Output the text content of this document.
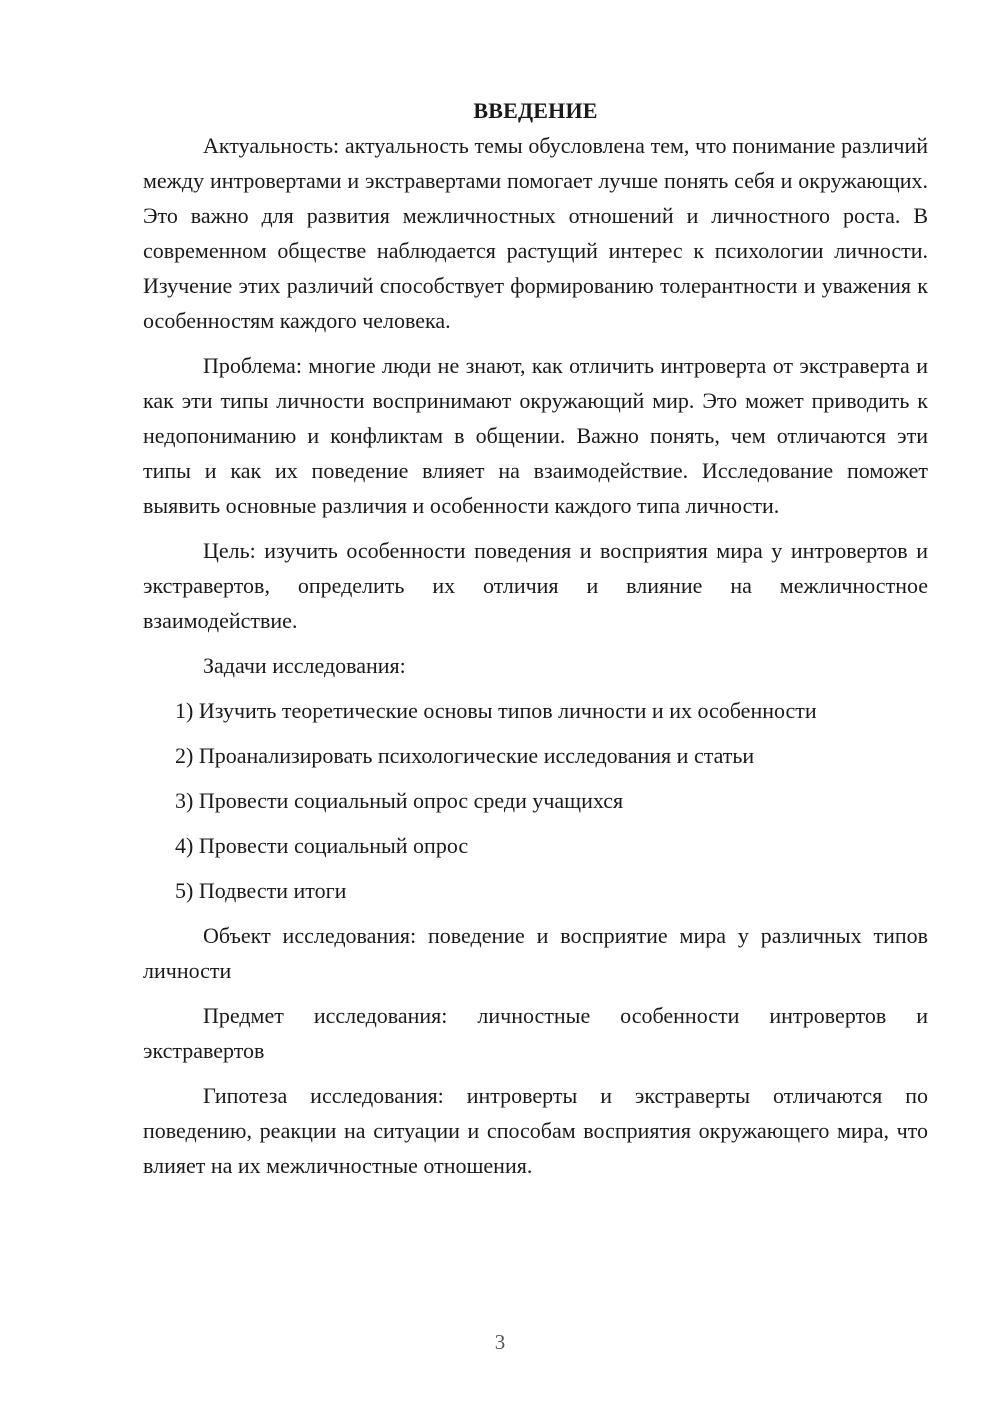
ВВЕДЕНИЕ

Актуальность: актуальность темы обусловлена тем, что понимание различий между интровертами и экстравертами помогает лучше понять себя и окружающих. Это важно для развития межличностных отношений и личностного роста. В современном обществе наблюдается растущий интерес к психологии личности. Изучение этих различий способствует формированию толерантности и уважения к особенностям каждого человека.

Проблема: многие люди не знают, как отличить интроверта от экстраверта и как эти типы личности воспринимают окружающий мир. Это может приводить к недопониманию и конфликтам в общении. Важно понять, чем отличаются эти типы и как их поведение влияет на взаимодействие. Исследование поможет выявить основные различия и особенности каждого типа личности.

Цель: изучить особенности поведения и восприятия мира у интровертов и экстравертов, определить их отличия и влияние на межличностное взаимодействие.

Задачи исследования:
1) Изучить теоретические основы типов личности и их особенности
2) Проанализировать психологические исследования и статьи
3) Провести социальный опрос среди учащихся
4) Провести социальный опрос
5) Подвести итоги

Объект исследования: поведение и восприятие мира у различных типов личности

Предмет исследования: личностные особенности интровертов и экстравертов

Гипотеза исследования: интроверты и экстраверты отличаются по поведению, реакции на ситуации и способам восприятия окружающего мира, что влияет на их межличностные отношения.

3
